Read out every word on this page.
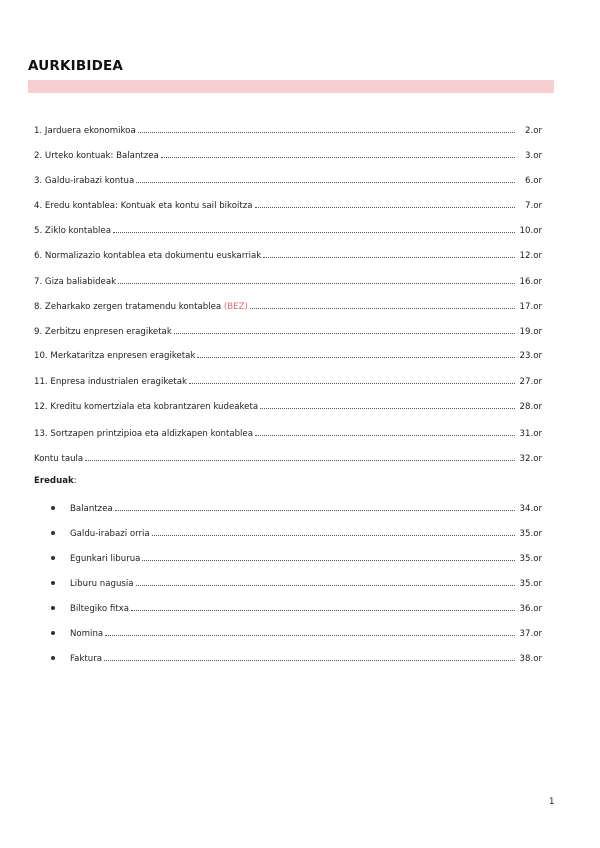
AURKIBIDEA
1. Jarduera ekonomikoa	2.or
2. Urteko kontuak: Balantzea	3.or
3. Galdu-irabazi kontua	6.or
4. Eredu kontablea: Kontuak eta kontu sail bikoitza	7.or
5. Ziklo kontablea	10.or
6. Normalizazio kontablea eta dokumentu euskarriak	12.or
7. Giza baliabideak	16.or
8. Zeharkako zergen tratamendu kontablea (BEZ)	17.or
9. Zerbitzu enpresen eragiketak	19.or
10. Merkataritza enpresen eragiketak	23.or
11. Enpresa industrialen eragiketak	27.or
12. Kreditu komertziala eta kobrantzaren kudeaketa	28.or
13. Sortzapen printzipioa eta aldizkapen kontablea	31.or
Kontu taula	32.or
Ereduak:
Balantzea	34.or
Galdu-irabazi orria	35.or
Egunkari liburua	35.or
Liburu nagusia	35.or
Biltegiko fitxa	36.or
Nomina	37.or
Faktura	38.or
1
